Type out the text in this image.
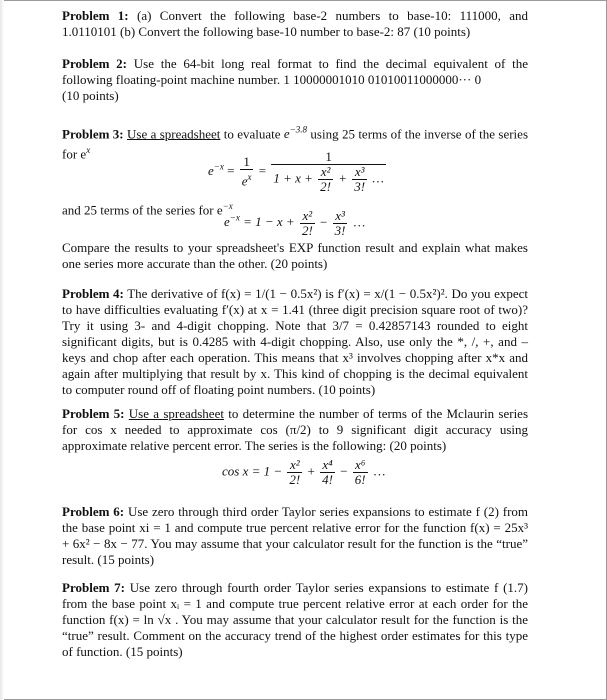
Problem 1: (a) Convert the following base-2 numbers to base-10: 111000, and 1.0110101 (b) Convert the following base-10 number to base-2: 87 (10 points)

Problem 2: Use the 64-bit long real format to find the decimal equivalent of the following floating-point machine number. 1 10000001010 01010011000000··· 0
(10 points)

Problem 3: Use a spreadsheet to evaluate $e^{-3.8}$ using 25 terms of the inverse of the series for $e^x$

$e^{-x} = \frac{1}{e^x} = \frac{1}{1 + x + \frac{\text{x²}}{2!} + \frac{\text{x³}}{3!} \dots}$

and 25 terms of the series for $e^{-x}$

$e^{-x} = 1 - x + \frac{\text{x²}}{2!} - \frac{\text{x³}}{3!}$ …

Compare the results to your spreadsheet's EXP function result and explain what makes one series more accurate than the other. (20 points)

Problem 4: The derivative of f(x) = 1/(1 − 0.5x²) is f′(x) = x/(1 − 0.5x²)². Do you expect to have difficulties evaluating f′(x) at x = 1.41 (three digit precision square root of two)? Try it using 3- and 4-digit chopping. Note that 3/7 = 0.42857143 rounded to eight significant digits, but is 0.4285 with 4-digit chopping. Also, use only the *, /, +, and – keys and chop after each operation. This means that x³ involves chopping after x*x and again after multiplying that result by x. This kind of chopping is the decimal equivalent to computer round off of floating point numbers. (10 points)

Problem 5: Use a spreadsheet to determine the number of terms of the Mclaurin series for cos x needed to approximate cos (π/2) to 9 significant digit accuracy using approximate relative percent error. The series is the following: (20 points)

$\cos x = 1 - \frac{\text{x²}}{2!} + \frac{\text{x⁴}}{4!} - \frac{\text{x⁶}}{6!}$ …

Problem 6: Use zero through third order Taylor series expansions to estimate f (2) from the base point xi = 1 and compute true percent relative error for the function f(x) = 25x³ + 6x² − 8x − 77. You may assume that your calculator result for the function is the “true” result. (15 points)

Problem 7: Use zero through fourth order Taylor series expansions to estimate f (1.7) from the base point xᵢ = 1 and compute true percent relative error at each order for the function f(x) = ln √x . You may assume that your calculator result for the function is the “true” result. Comment on the accuracy trend of the highest order estimates for this type of function. (15 points)
